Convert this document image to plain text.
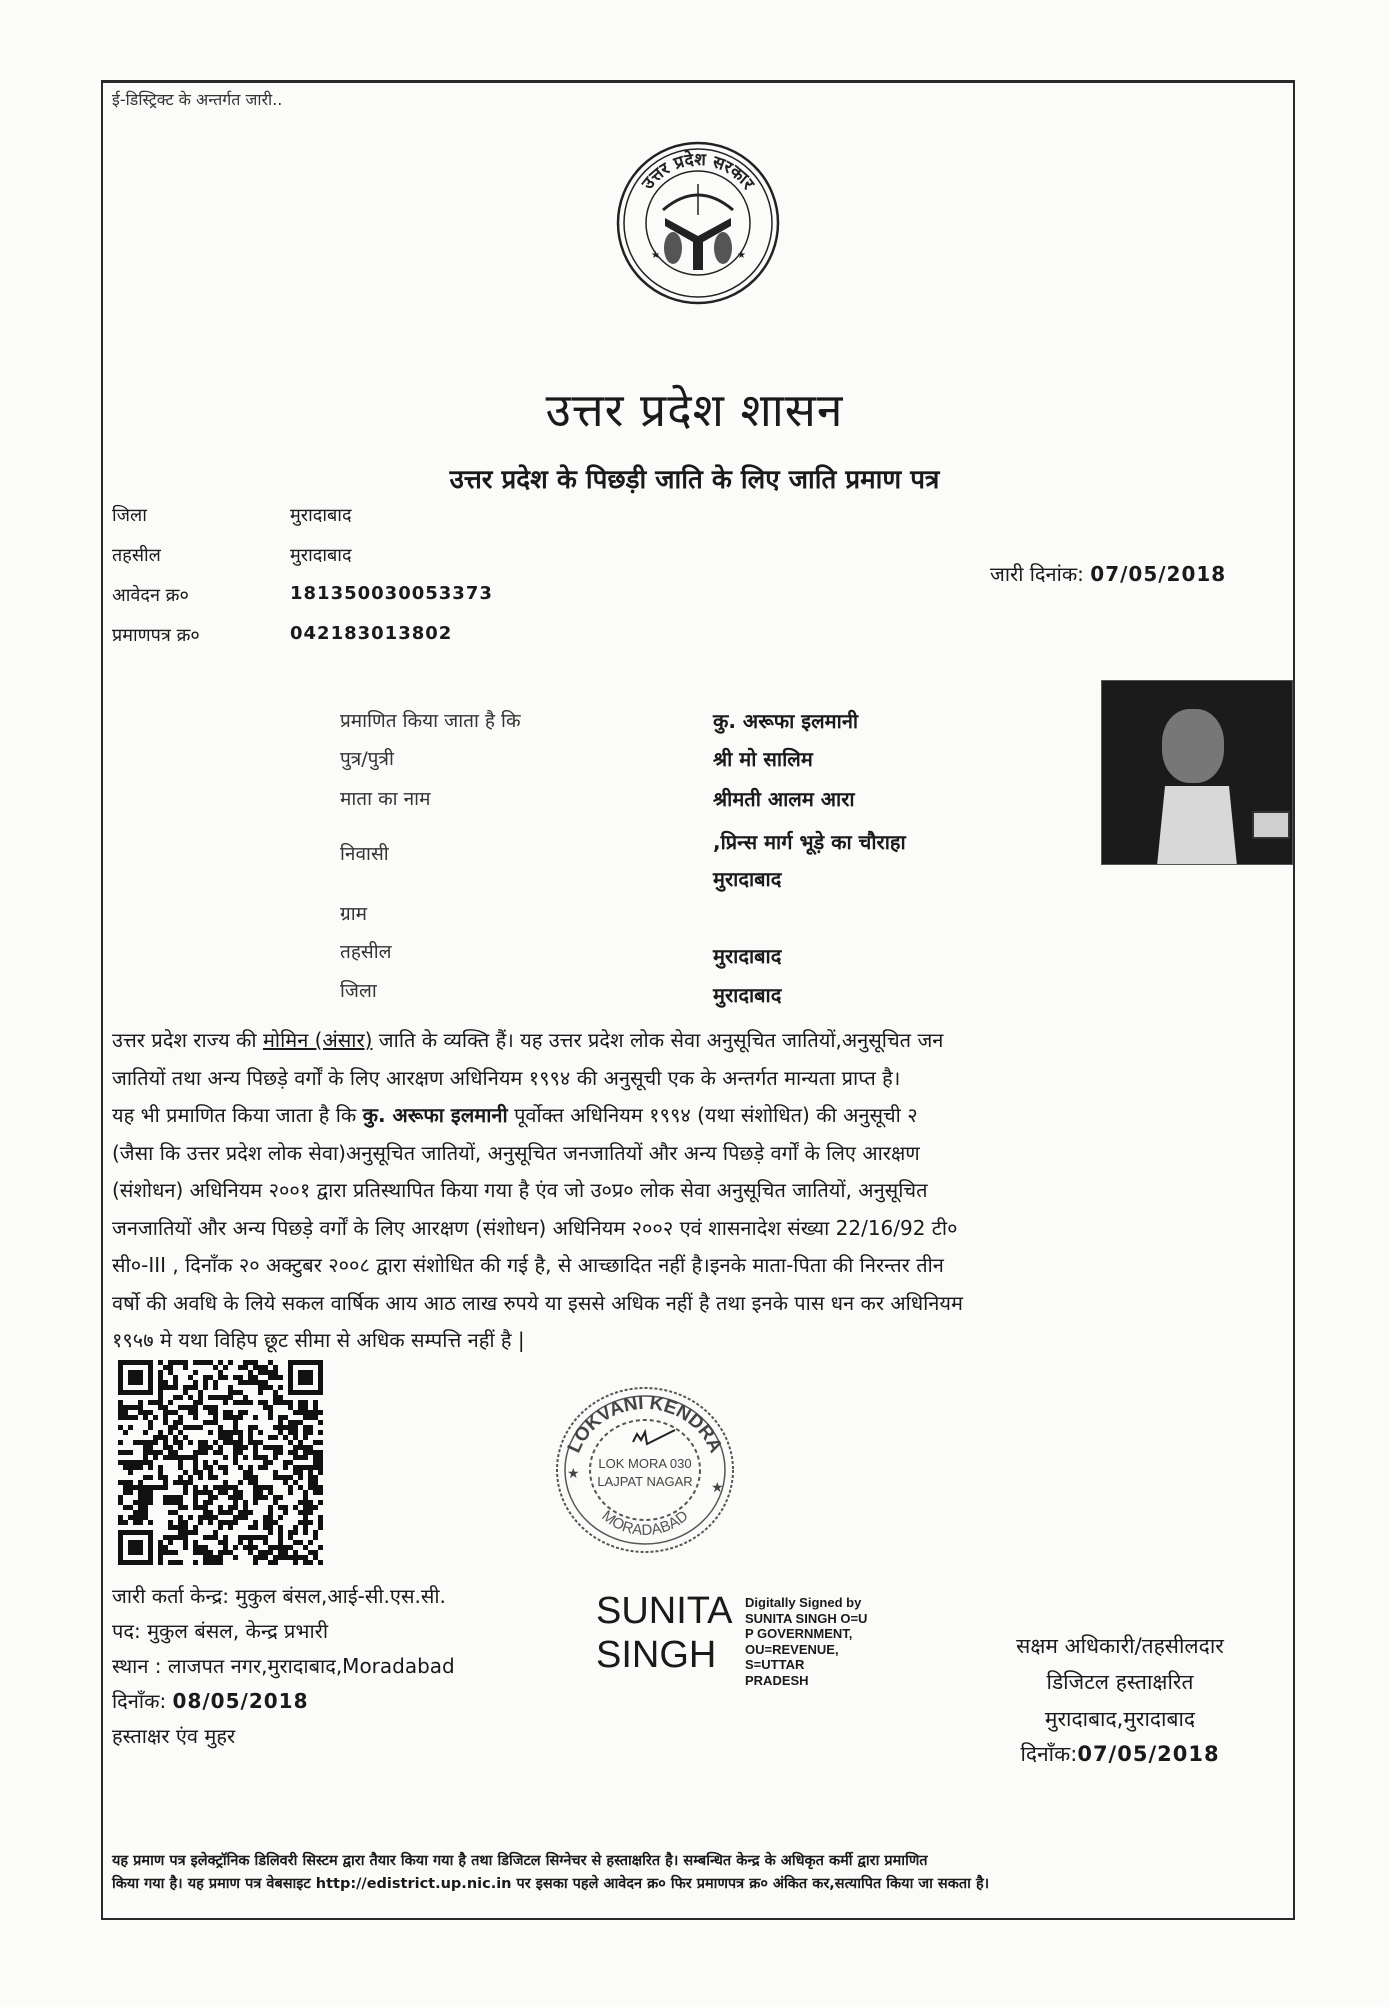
ई-डिस्ट्रिक्ट के अन्तर्गत जारी..
उत्तर प्रदेश सरकार
★	★
उत्तर प्रदेश शासन
उत्तर प्रदेश के पिछड़ी जाति के लिए जाति प्रमाण पत्र
जिला	मुरादाबाद
तहसील	मुरादाबाद
आवेदन क्र०	181350030053373
प्रमाणपत्र क्र०	042183013802
जारी दिनांक: 07/05/2018
प्रमाणित किया जाता है कि	कु. अरूफा इलमानी
पुत्र/पुत्री	श्री मो सालिम
माता का नाम	श्रीमती आलम आरा
निवासी	,प्रिन्स मार्ग भूड़े का चौराहा
मुरादाबाद
ग्राम
तहसील	मुरादाबाद
जिला	मुरादाबाद
उत्तर प्रदेश राज्य की मोमिन (अंसार) जाति के व्यक्ति हैं। यह उत्तर प्रदेश लोक सेवा अनुसूचित जातियों,अनुसूचित जन
जातियों तथा अन्य पिछड़े वर्गों के लिए आरक्षण अधिनियम १९९४ की अनुसूची एक के अन्तर्गत मान्यता प्राप्त है।
यह भी प्रमाणित किया जाता है कि कु. अरूफा इलमानी पूर्वोक्त अधिनियम १९९४ (यथा संशोधित) की अनुसूची २
(जैसा कि उत्तर प्रदेश लोक सेवा)अनुसूचित जातियों, अनुसूचित जनजातियों और अन्य पिछड़े वर्गों के लिए आरक्षण
(संशोधन) अधिनियम २००१ द्वारा प्रतिस्थापित किया गया है एंव जो उ०प्र० लोक सेवा अनुसूचित जातियों, अनुसूचित
जनजातियों और अन्य पिछड़े वर्गों के लिए आरक्षण (संशोधन) अधिनियम २००२ एवं शासनादेश संख्या 22/16/92 टी०
सी०-III , दिनाँक २० अक्टुबर २००८ द्वारा संशोधित की गई है, से आच्छादित नहीं है।इनके माता-पिता की निरन्तर तीन
वर्षो की अवधि के लिये सकल वार्षिक आय आठ लाख रुपये या इससे अधिक नहीं है तथा इनके पास धन कर अधिनियम
१९५७ मे यथा विहिप छूट सीमा से अधिक सम्पत्ति नहीं है |
LOKVANI KENDRA
MORADABAD
LOK MORA 030
LAJPAT NAGAR
★
★
जारी कर्ता केन्द्र: मुकुल बंसल,आई-सी.एस.सी.
पद: मुकुल बंसल, केन्द्र प्रभारी
स्थान : लाजपत नगर,मुरादाबाद,Moradabad
दिनाँक: 08/05/2018
हस्ताक्षर एंव मुहर
SUNITA
SINGH
Digitally Signed by
SUNITA SINGH O=U
P GOVERNMENT,
OU=REVENUE,
S=UTTAR
PRADESH
सक्षम अधिकारी/तहसीलदार
डिजिटल हस्ताक्षरित
मुरादाबाद,मुरादाबाद
दिनाँक:07/05/2018
यह प्रमाण पत्र इलेक्ट्रॉनिक डिलिवरी सिस्टम द्वारा तैयार किया गया है तथा डिजिटल सिग्नेचर से हस्ताक्षरित है। सम्बन्धित केन्द्र के अधिकृत कर्मी द्वारा प्रमाणित
किया गया है। यह प्रमाण पत्र वेबसाइट http://edistrict.up.nic.in पर इसका पहले आवेदन क्र० फिर प्रमाणपत्र क्र० अंकित कर,सत्यापित किया जा सकता है।
